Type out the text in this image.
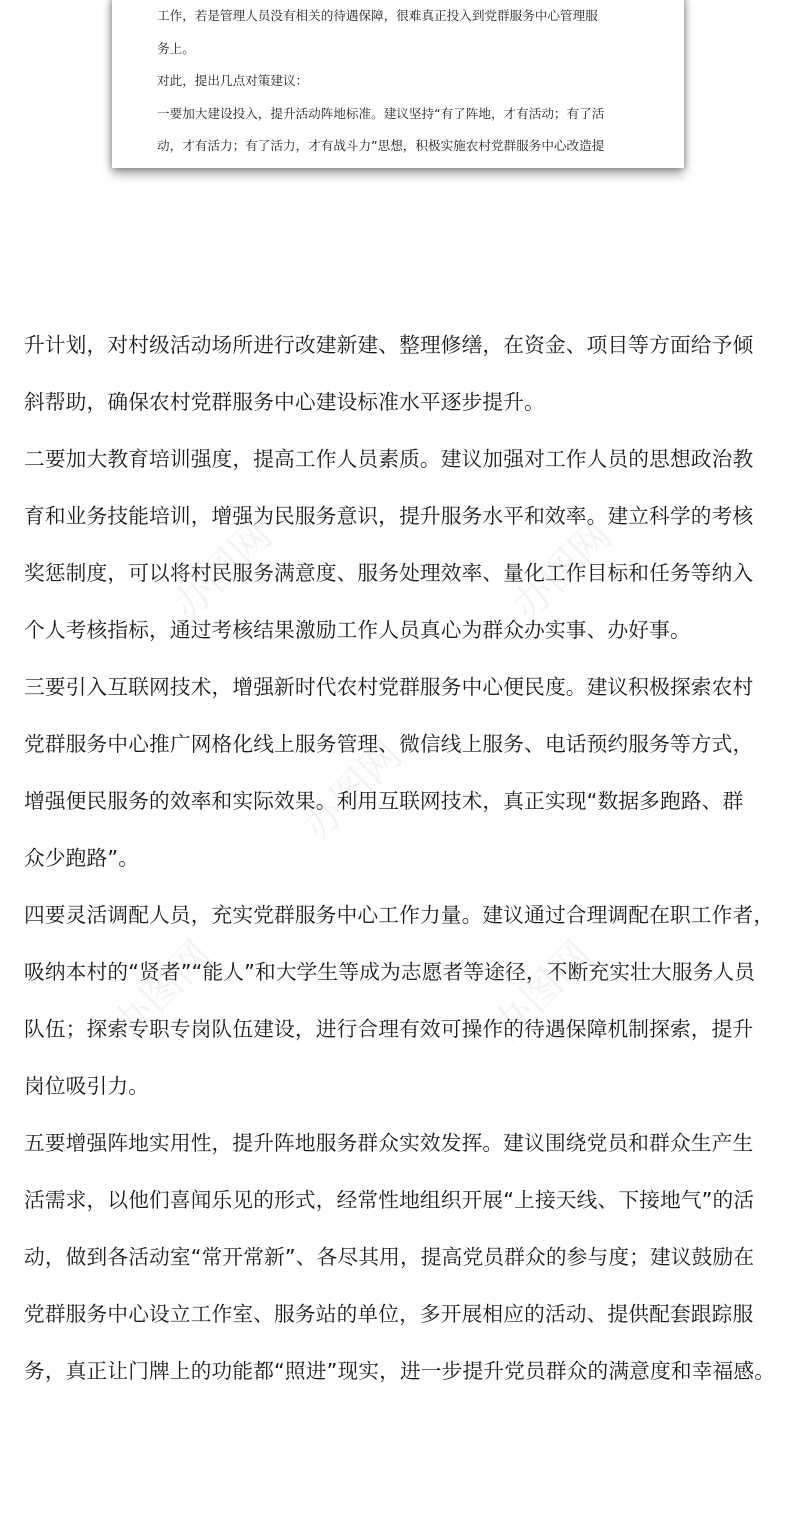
工作，若是管理人员没有相关的待遇保障，很难真正投入到党群服务中心管理服
务上。
对此，提出几点对策建议：
一要加大建设投入，提升活动阵地标准。建议坚持“有了阵地，才有活动；有了活
动，才有活力；有了活力，才有战斗力”思想，积极实施农村党群服务中心改造提
办图网	办图网
办图网
办图网	办图网
升计划，对村级活动场所进行改建新建、整理修缮，在资金、项目等方面给予倾
斜帮助，确保农村党群服务中心建设标准水平逐步提升。
二要加大教育培训强度，提高工作人员素质。建议加强对工作人员的思想政治教
育和业务技能培训，增强为民服务意识，提升服务水平和效率。建立科学的考核
奖惩制度，可以将村民服务满意度、服务处理效率、量化工作目标和任务等纳入
个人考核指标，通过考核结果激励工作人员真心为群众办实事、办好事。
三要引入互联网技术，增强新时代农村党群服务中心便民度。建议积极探索农村
党群服务中心推广网格化线上服务管理、微信线上服务、电话预约服务等方式，
增强便民服务的效率和实际效果。利用互联网技术，真正实现“数据多跑路、群
众少跑路”。
四要灵活调配人员，充实党群服务中心工作力量。建议通过合理调配在职工作者，
吸纳本村的“贤者”“能人”和大学生等成为志愿者等途径，不断充实壮大服务人员
队伍；探索专职专岗队伍建设，进行合理有效可操作的待遇保障机制探索，提升
岗位吸引力。
五要增强阵地实用性，提升阵地服务群众实效发挥。建议围绕党员和群众生产生
活需求，以他们喜闻乐见的形式，经常性地组织开展“上接天线、下接地气”的活
动，做到各活动室“常开常新”、各尽其用，提高党员群众的参与度；建议鼓励在
党群服务中心设立工作室、服务站的单位，多开展相应的活动、提供配套跟踪服
务，真正让门牌上的功能都“照进”现实，进一步提升党员群众的满意度和幸福感。
